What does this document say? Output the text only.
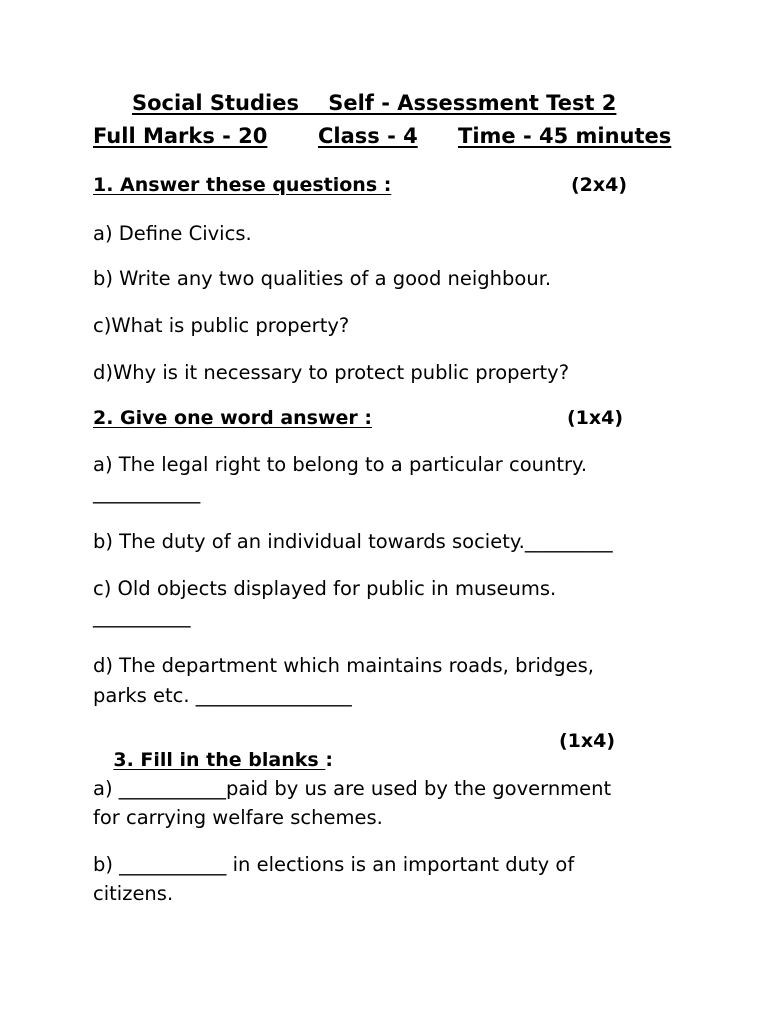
Social Studies    Self - Assessment Test 2
Full Marks - 20 Class - 4 Time - 45 minutes
1. Answer these questions :	(2x4)
a) Define Civics.
b) Write any two qualities of a good neighbour.
c)What is public property?
d)Why is it necessary to protect public property?
2. Give one word answer :	(1x4)
a) The legal right to belong to a particular country.
___________
b) The duty of an individual towards society._________
c) Old objects displayed for public in museums.
__________
d) The department which maintains roads, bridges,
parks etc. ________________

3. Fill in the blanks :

(1x4)
a) ___________paid by us are used by the government
for carrying welfare schemes.
b) ___________ in elections is an important duty of
citizens.
